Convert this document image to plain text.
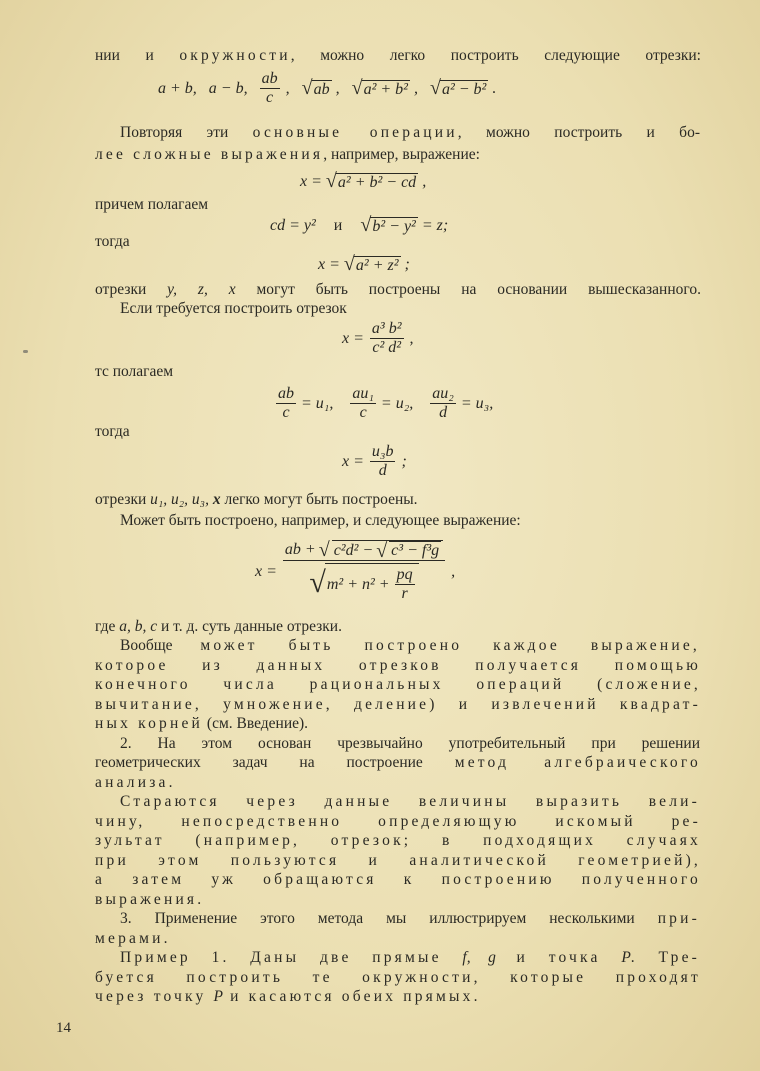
нии и окружности, можно легко построить следующие отрезки:
a + b, a − b, $\frac{ab}{c}$ , √ab , √a² + b² , √a² − b² .
Повторяя эти основные операции, можно построить и бо-
лее сложные выражения, например, выражение:
x = √a² + b² − cd ,
причем полагаем
cd = y² и √b² − y² = z;
тогда
x = √a² + z² ;
отрезки y, z, x могут быть построены на основании вышесказанного.
Если требуется построить отрезок
$x = \frac{\text{a³ b²}}{\text{c² d²}}$ ,
тс полагаем
$\frac{ab}{c} = u_1$, $\frac{\text{au₁}}{c} = u_2$, $\frac{\text{au₂}}{d} = u_3$,
тогда
$x = \frac{\text{u₃b}}{d}$ ;
отрезки u₁, u₂, u₃, x легко могут быть построены.
Может быть построено, например, и следующее выражение:
$x = \frac{\text{ab + √ c²d² − √ c³ − f³g}}{√ m^2 + n^2 + \frac{pq}{r}}$ ,
где a, b, c и т. д. суть данные отрезки.
Вообще может быть построено каждое выражение,
которое из данных отрезков получается помощью
конечного числа рациональных операций (сложение,
вычитание, умножение, деление) и извлечений квадрат-
ных корней (см. Введение).
2. На этом основан чрезвычайно употребительный при решении
геометрических задач на построение метод алгебраического
анализа.
Стараются через данные величины выразить вели-
чину, непосредственно определяющую искомый ре-
зультат (например, отрезок; в подходящих случаях
при этом пользуются и аналитической геометрией),
а затем уж обращаются к построению полученного
выражения.
3. Применение этого метода мы иллюстрируем несколькими при-
мерами.
Пример 1. Даны две прямые f, g и точка P. Тре-
буется построить те окружности, которые проходят
через точку P и касаются обеих прямых.
14
